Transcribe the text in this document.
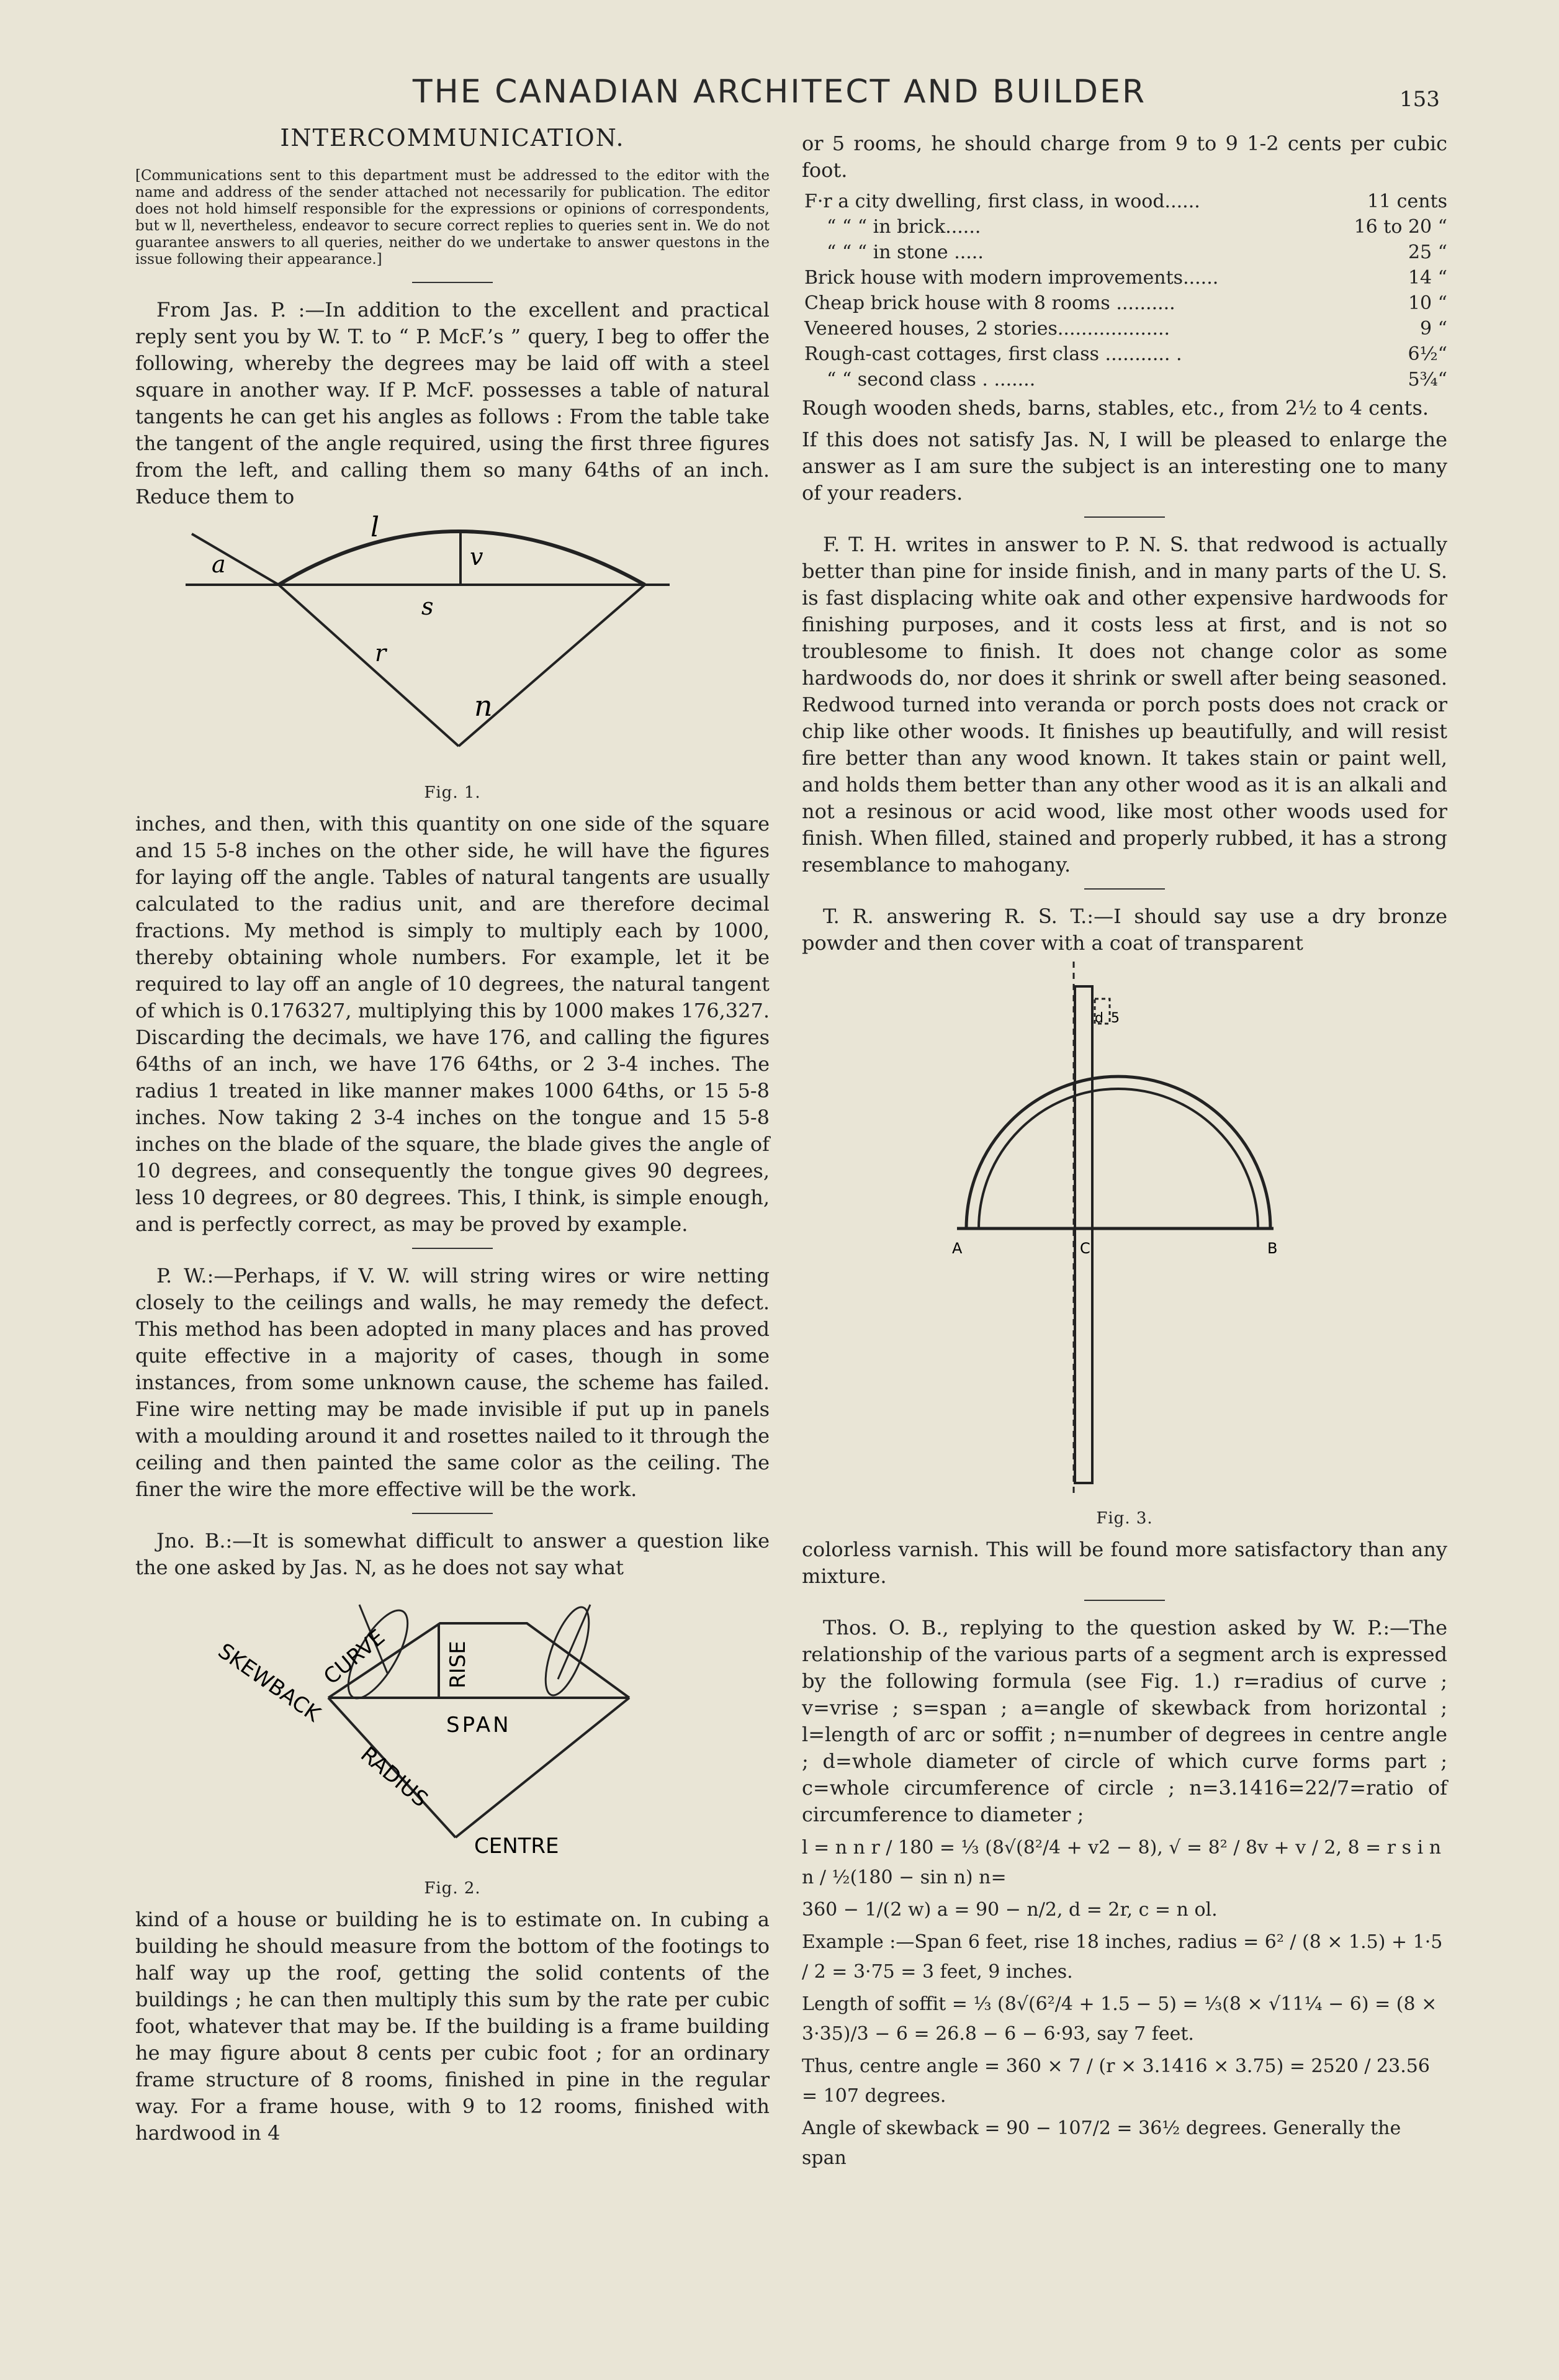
THE CANADIAN ARCHITECT AND BUILDER	153
INTERCOMMUNICATION.
[Communications sent to this department must be addressed to the editor with the name and address of the sender attached not necessarily for publication. The editor does not hold himself responsible for the expressions or opinions of correspondents, but w ll, nevertheless, endeavor to secure correct replies to queries sent in. We do not guarantee answers to all queries, neither do we undertake to answer questons in the issue following their appearance.]

From Jas. P. :—In addition to the excellent and practical reply sent you by W. T. to “ P. McF.’s ” query, I beg to offer the following, whereby the degrees may be laid off with a steel square in another way. If P. McF. possesses a table of natural tangents he can get his angles as follows : From the table take the tangent of the angle required, using the first three figures from the left, and calling them so many 64ths of an inch. Reduce them to

l
v
a
s
r
n
Fig. 1.

inches, and then, with this quantity on one side of the square and 15 5-8 inches on the other side, he will have the figures for laying off the angle. Tables of natural tangents are usually calculated to the radius unit, and are therefore decimal fractions. My method is simply to multiply each by 1000, thereby obtaining whole numbers. For example, let it be required to lay off an angle of 10 degrees, the natural tangent of which is 0.176327, multiplying this by 1000 makes 176,327. Discarding the decimals, we have 176, and calling the figures 64ths of an inch, we have 176 64ths, or 2 3-4 inches. The radius 1 treated in like manner makes 1000 64ths, or 15 5-8 inches. Now taking 2 3-4 inches on the tongue and 15 5-8 inches on the blade of the square, the blade gives the angle of 10 degrees, and consequently the tongue gives 90 degrees, less 10 degrees, or 80 degrees. This, I think, is simple enough, and is perfectly correct, as may be proved by example.

P. W.:—Perhaps, if V. W. will string wires or wire netting closely to the ceilings and walls, he may remedy the defect. This method has been adopted in many places and has proved quite effective in a majority of cases, though in some instances, from some unknown cause, the scheme has failed. Fine wire netting may be made invisible if put up in panels with a moulding around it and rosettes nailed to it through the ceiling and then painted the same color as the ceiling. The finer the wire the more effective will be the work.

Jno. B.:—It is somewhat difficult to answer a question like the one asked by Jas. N, as he does not say what

SKEWBACK
CURVE	RISE
SPAN
RADIUS
CENTRE
Fig. 2.

kind of a house or building he is to estimate on. In cubing a building he should measure from the bottom of the footings to half way up the roof, getting the solid contents of the buildings ; he can then multiply this sum by the rate per cubic foot, whatever that may be. If the building is a frame building he may figure about 8 cents per cubic foot ; for an ordinary frame structure of 8 rooms, finished in pine in the regular way. For a frame house, with 9 to 12 rooms, finished with hardwood in 4

or 5 rooms, he should charge from 9 to 9 1-2 cents per cubic foot.

F·r a city dwelling, first class, in wood......	11 cents
“ “ “ in brick......	16 to 20 “
“ “ “ in stone .....	25 “
Brick house with modern improvements......	14 “
Cheap brick house with 8 rooms ..........	10 “
Veneered houses, 2 stories...................	9 “
Rough-cast cottages, first class ........... .	6½“
“ “ second class . .......	5¾“

Rough wooden sheds, barns, stables, etc., from 2½ to 4 cents.

If this does not satisfy Jas. N, I will be pleased to enlarge the answer as I am sure the subject is an interesting one to many of your readers.

F. T. H. writes in answer to P. N. S. that redwood is actually better than pine for inside finish, and in many parts of the U. S. is fast displacing white oak and other expensive hardwoods for finishing purposes, and it costs less at first, and is not so troublesome to finish. It does not change color as some hardwoods do, nor does it shrink or swell after being seasoned. Redwood turned into veranda or porch posts does not crack or chip like other woods. It finishes up beautifully, and will resist fire better than any wood known. It takes stain or paint well, and holds them better than any other wood as it is an alkali and not a resinous or acid wood, like most other woods used for finish. When filled, stained and properly rubbed, it has a strong resemblance to mahogany.

T. R. answering R. S. T.:—I should say use a dry bronze powder and then cover with a coat of transparent

A	C	B
d 5
Fig. 3.

colorless varnish. This will be found more satisfactory than any mixture.

Thos. O. B., replying to the question asked by W. P.:—The relationship of the various parts of a segment arch is expressed by the following formula (see Fig. 1.) r=radius of curve ; v=vrise ; s=span ; a=angle of skewback from horizontal ; l=length of arc or soffit ; n=number of degrees in centre angle ; d=whole diameter of circle of which curve forms part ; c=whole circumference of circle ; n=3.1416=22/7=ratio of circumference to diameter ;

l = n n r / 180 = ⅓ (8√(8²/4 + v2 − 8), √ = 8² / 8v + v / 2, 8 = r s i n n / ½(180 − sin n) n=
360 − 1/(2 w) a = 90 − n/2, d = 2r, c = n ol.
Example :—Span 6 feet, rise 18 inches, radius = 6² / (8 × 1.5) + 1·5 / 2 = 3·75 = 3 feet, 9 inches.
Length of soffit = ⅓ (8√(6²/4 + 1.5 − 5) = ⅓(8 × √11¼ − 6) = (8 × 3·35)/3 − 6 = 26.8 − 6 − 6·93, say 7 feet.
Thus, centre angle = 360 × 7 / (r × 3.1416 × 3.75) = 2520 / 23.56 = 107 degrees.
Angle of skewback = 90 − 107/2 = 36½ degrees. Generally the span
